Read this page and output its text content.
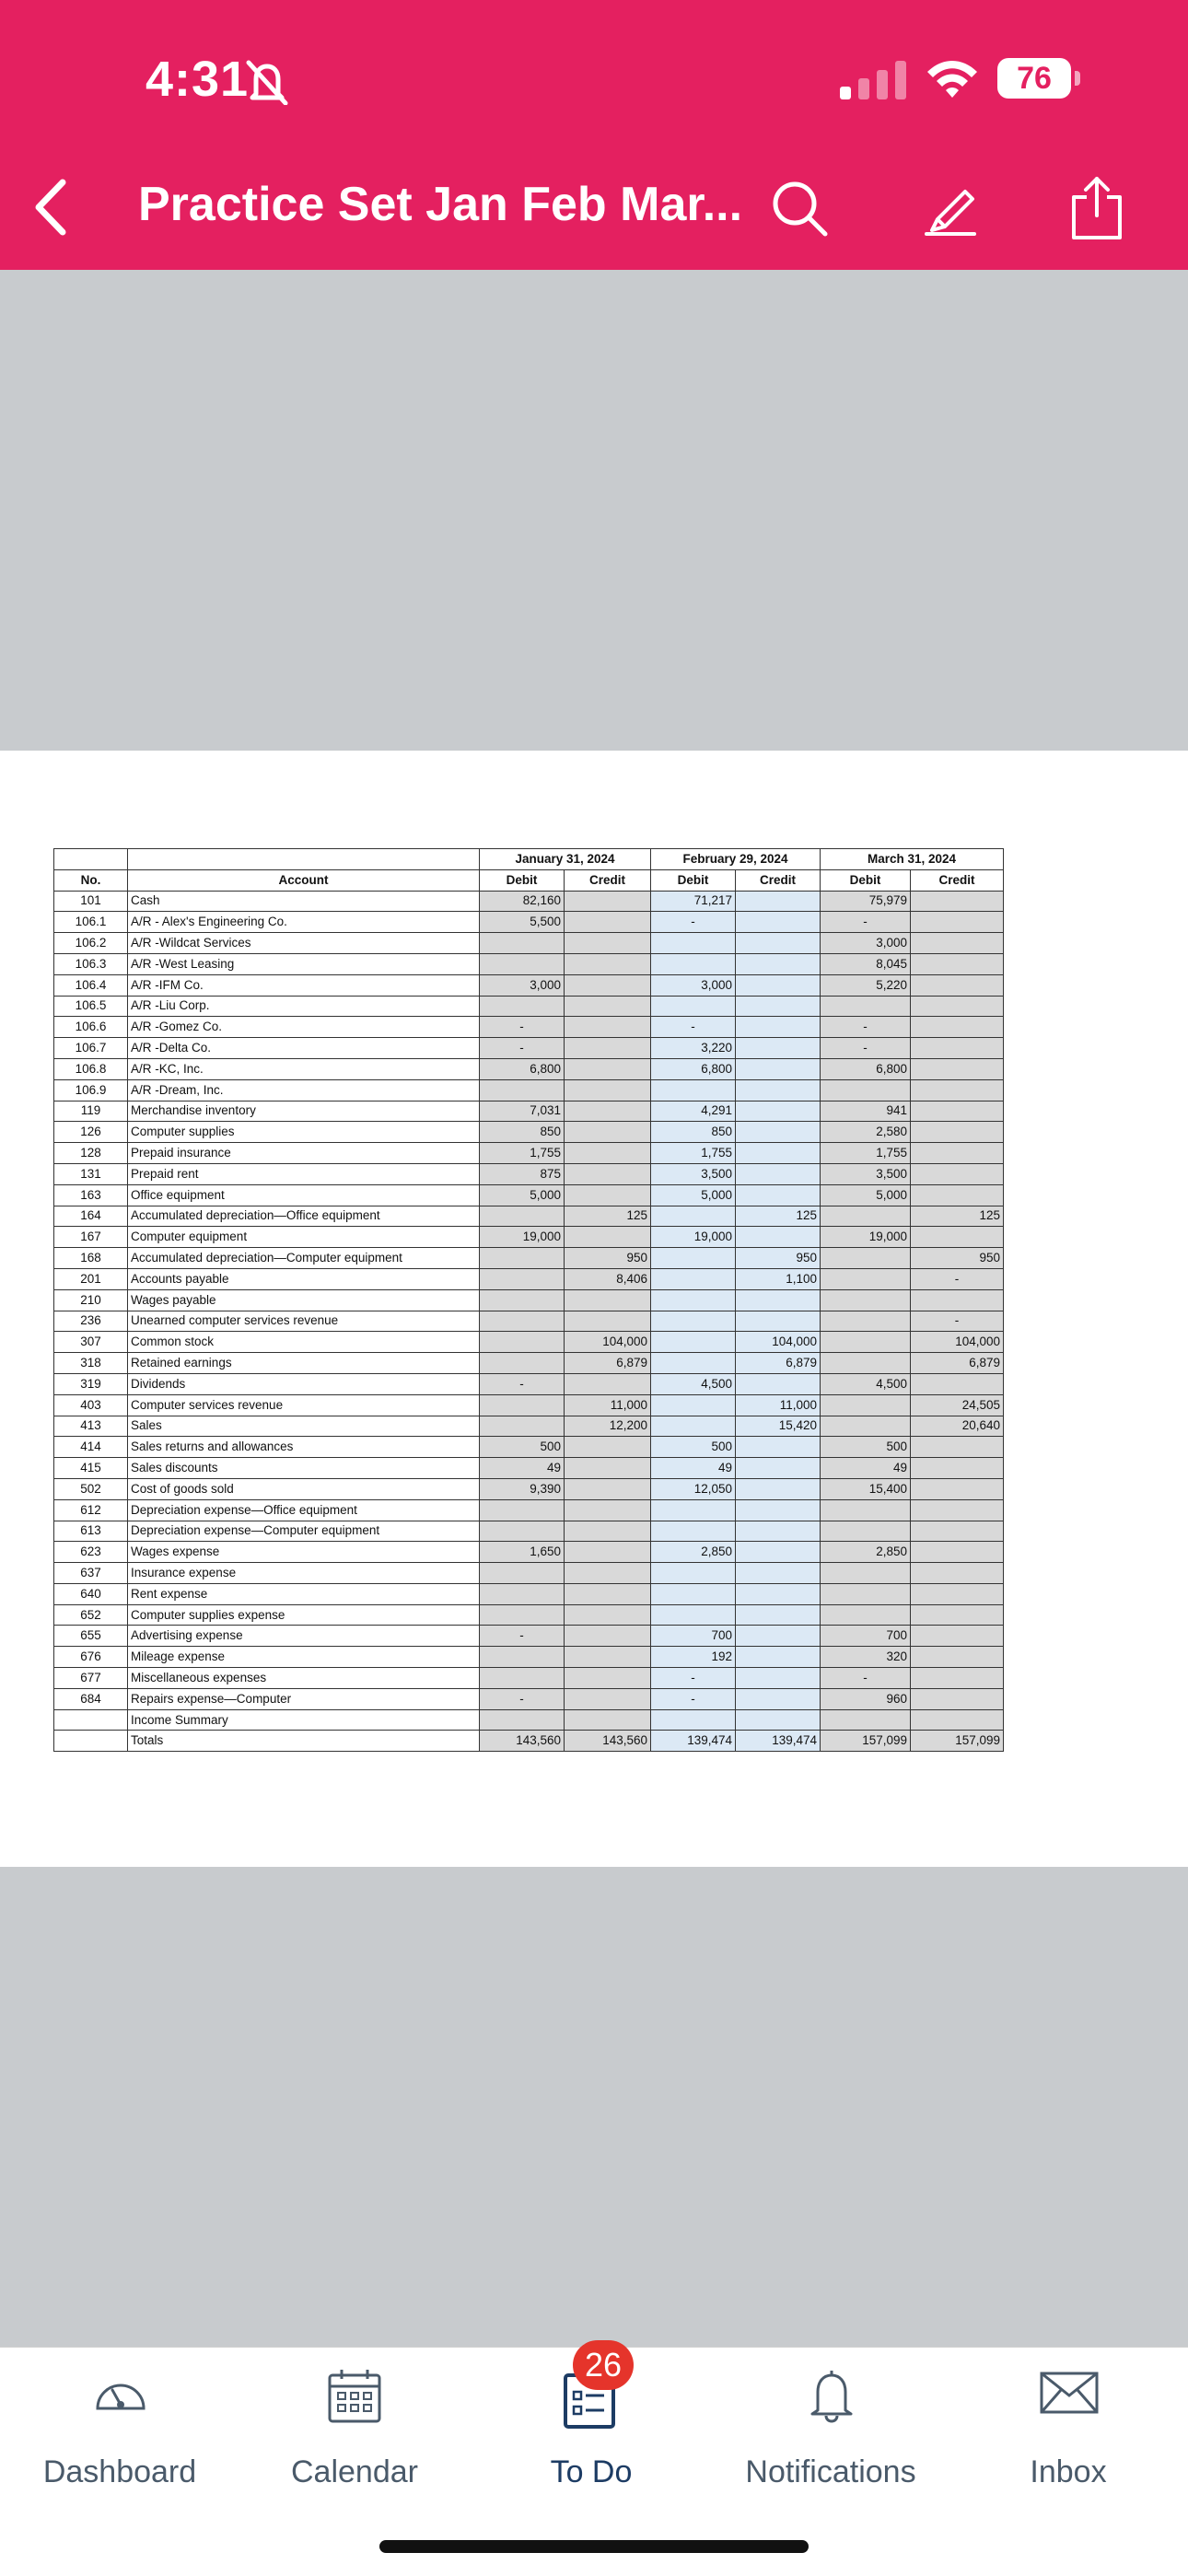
4:31	76
Practice Set Jan Feb Mar...
		January 31, 2024		February 29, 2024		March 31, 2024	
No.	Account	Debit	Credit	Debit	Credit	Debit	Credit
101	Cash	82,160		71,217		75,979	
106.1	A/R - Alex's Engineering Co.	5,500		-		-	
106.2	A/R -Wildcat Services					3,000	
106.3	A/R -West Leasing					8,045	
106.4	A/R -IFM Co.	3,000		3,000		5,220	
106.5	A/R -Liu Corp.						
106.6	A/R -Gomez Co.	-		-		-	
106.7	A/R -Delta Co.	-		3,220		-	
106.8	A/R -KC, Inc.	6,800		6,800		6,800	
106.9	A/R -Dream, Inc.						
119	Merchandise inventory	7,031		4,291		941	
126	Computer supplies	850		850		2,580	
128	Prepaid insurance	1,755		1,755		1,755	
131	Prepaid rent	875		3,500		3,500	
163	Office equipment	5,000		5,000		5,000	
164	Accumulated depreciation—Office equipment		125		125		125
167	Computer equipment	19,000		19,000		19,000	
168	Accumulated depreciation—Computer equipment		950		950		950
201	Accounts payable		8,406		1,100		-
210	Wages payable						
236	Unearned computer services revenue						-
307	Common stock		104,000		104,000		104,000
318	Retained earnings		6,879		6,879		6,879
319	Dividends	-		4,500		4,500	
403	Computer services revenue		11,000		11,000		24,505
413	Sales		12,200		15,420		20,640
414	Sales returns and allowances	500		500		500	
415	Sales discounts	49		49		49	
502	Cost of goods sold	9,390		12,050		15,400	
612	Depreciation expense—Office equipment						
613	Depreciation expense—Computer equipment						
623	Wages expense	1,650		2,850		2,850	
637	Insurance expense						
640	Rent expense						
652	Computer supplies expense						
655	Advertising expense	-		700		700	
676	Mileage expense			192		320	
677	Miscellaneous expenses			-		-	
684	Repairs expense—Computer	-		-		960	
	Income Summary						
	Totals	143,560	143,560	139,474	139,474	157,099	157,099
Dashboard	Calendar
26
To Do	Notifications	Inbox
